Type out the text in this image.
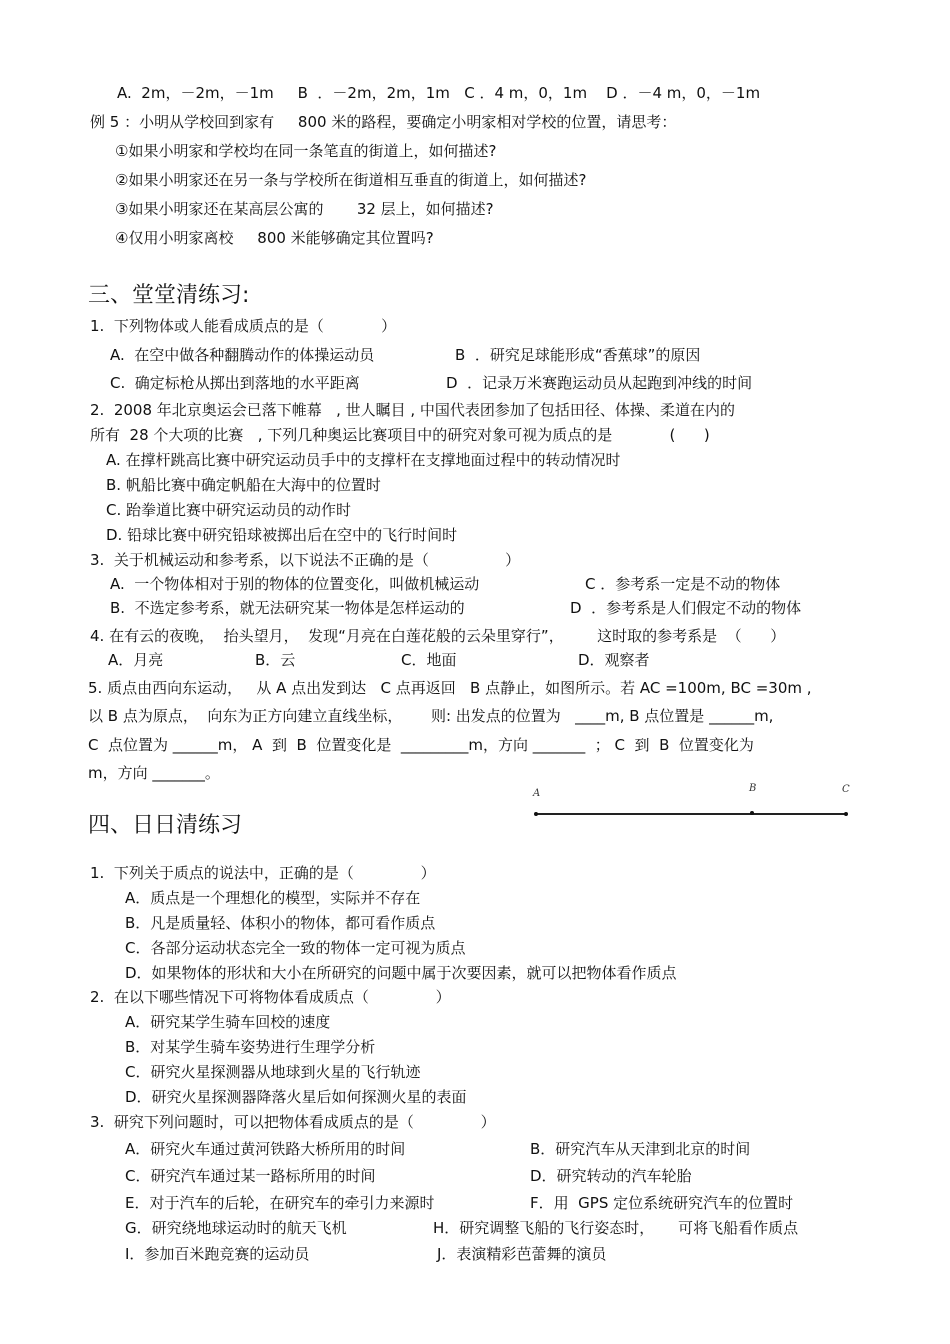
A.  2m，－2m，－1m     B  ．－2m，2m，1m   C ．4 m，0，1m    D ．－4 m，0，－1m
例 5 ：小明从学校回到家有     800 米的路程，要确定小明家相对学校的位置，请思考：
①如果小明家和学校均在同一条笔直的街道上，如何描述?
②如果小明家还在另一条与学校所在街道相互垂直的街道上，如何描述?
③如果小明家还在某高层公寓的       32 层上，如何描述?
④仅用小明家离校     800 米能够确定其位置吗?
三、堂堂清练习:
1.  下列物体或人能看成质点的是（            ）
A.  在空中做各种翻腾动作的体操运动员	B  ．研究足球能形成“香蕉球”的原因
C.  确定标枪从掷出到落地的水平距离	D  ．记录万米赛跑运动员从起跑到冲线的时间
2.  2008 年北京奥运会已落下帷幕   , 世人瞩目 , 中国代表团参加了包括田径、体操、柔道在内的
所有  28 个大项的比赛   , 下列几种奥运比赛项目中的研究对象可视为质点的是            (      )
A. 在撑杆跳高比赛中研究运动员手中的支撑杆在支撑地面过程中的转动情况时
B. 帆船比赛中确定帆船在大海中的位置时
C. 跆拳道比赛中研究运动员的动作时
D. 铅球比赛中研究铅球被掷出后在空中的飞行时间时
3.  关于机械运动和参考系，以下说法不正确的是（                ）
A.  一个物体相对于别的物体的位置变化，叫做机械运动	C ．参考系一定是不动的物体
B.  不选定参考系，就无法研究某一物体是怎样运动的	D  ．参考系是人们假定不动的物体
4. 在有云的夜晚，  抬头望月，  发现“月亮在白莲花般的云朵里穿行”，       这时取的参考系是  （      ）
A．月亮	B．云	C．地面	D．观察者
5. 质点由西向东运动，   从 A 点出发到达   C 点再返回   B 点静止，如图所示。若 AC =100m, BC =30m ,
以 B 点为原点，  向东为正方向建立直线坐标，      则: 出发点的位置为   ____m, B 点位置是 ______m,
C  点位置为 ______m， A  到  B  位置变化是  _________m，方向 _______  ； C  到  B  位置变化为
m，方向 _______。
A	B	C
四、日日清练习
1.  下列关于质点的说法中，正确的是（              ）
A．质点是一个理想化的模型，实际并不存在
B．凡是质量轻、体积小的物体，都可看作质点
C．各部分运动状态完全一致的物体一定可视为质点
D．如果物体的形状和大小在所研究的问题中属于次要因素，就可以把物体看作质点
2.  在以下哪些情况下可将物体看成质点（              ）
A．研究某学生骑车回校的速度
B．对某学生骑车姿势进行生理学分析
C．研究火星探测器从地球到火星的飞行轨迹
D．研究火星探测器降落火星后如何探测火星的表面
3.  研究下列问题时，可以把物体看成质点的是（              ）
A．研究火车通过黄河铁路大桥所用的时间	B．研究汽车从天津到北京的时间
C．研究汽车通过某一路标所用的时间	D．研究转动的汽车轮胎
E．对于汽车的后轮，在研究车的牵引力来源时	F．用  GPS 定位系统研究汽车的位置时
G．研究绕地球运动时的航天飞机	H．研究调整飞船的飞行姿态时，     可将飞船看作质点
I．参加百米跑竞赛的运动员	J．表演精彩芭蕾舞的演员
